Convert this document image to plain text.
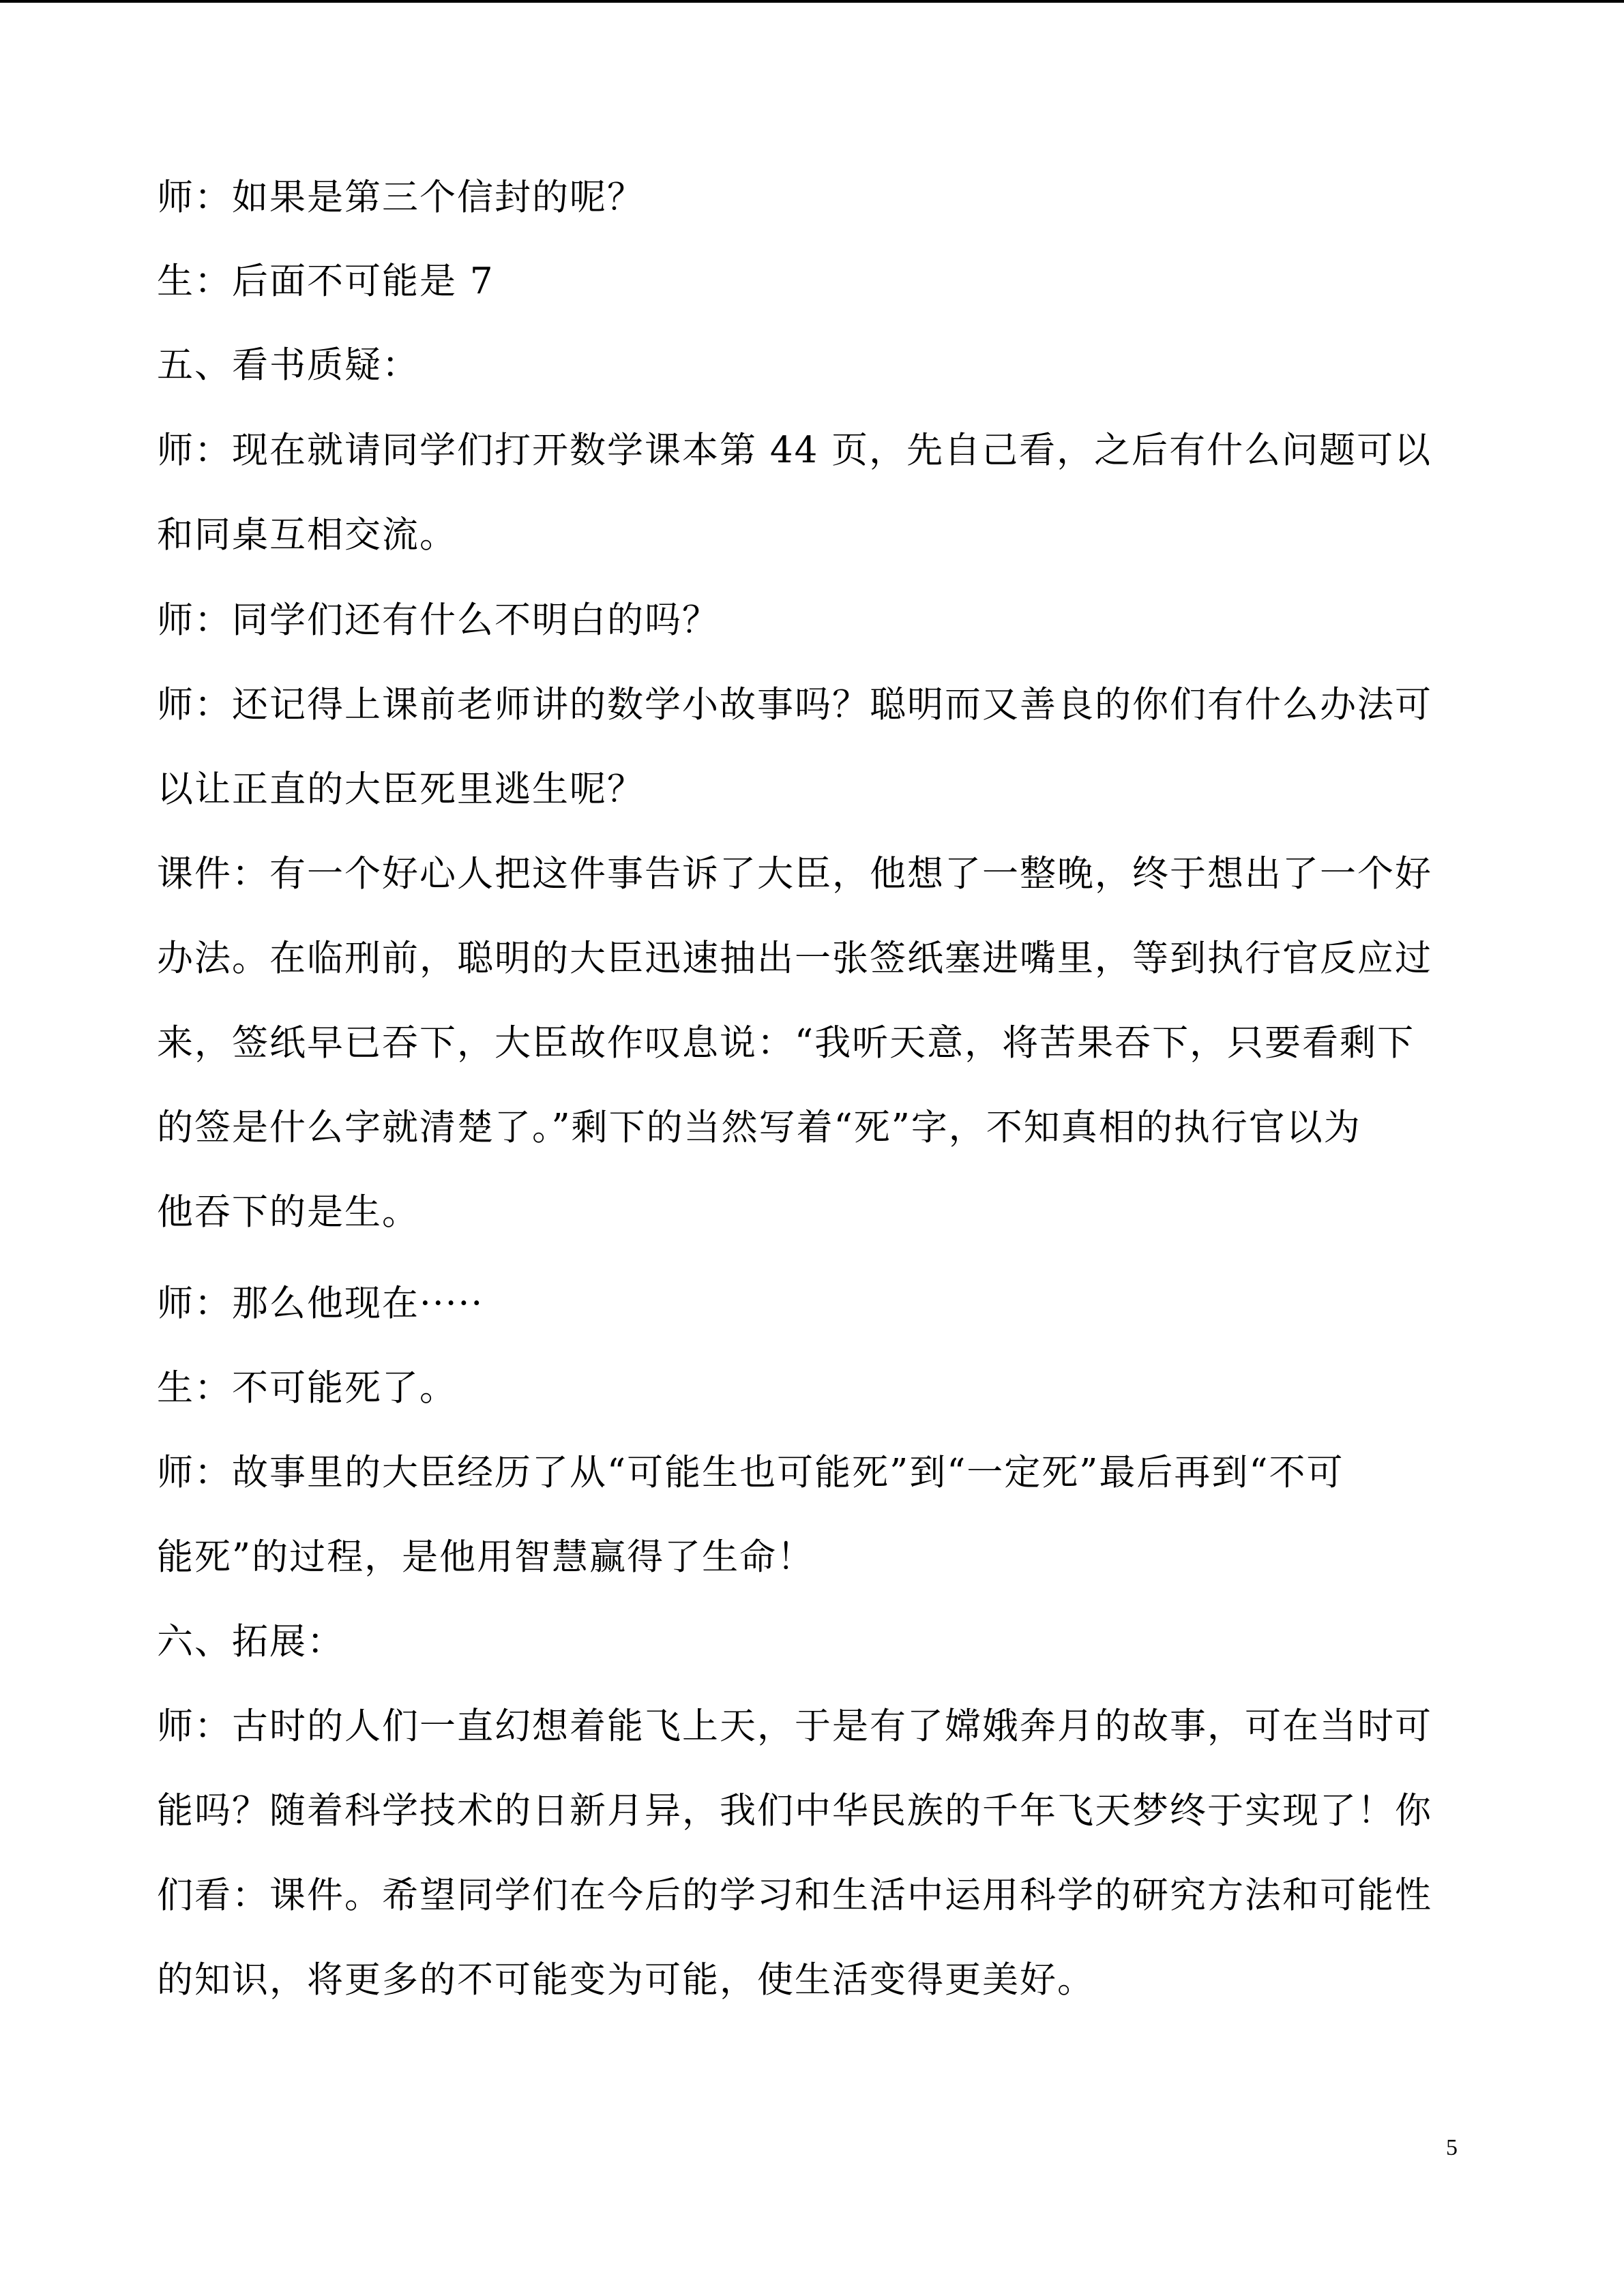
师：如果是第三个信封的呢？
生：后面不可能是 7
五、看书质疑：
师：现在就请同学们打开数学课本第 44 页，先自己看，之后有什么问题可以
和同桌互相交流。
师：同学们还有什么不明白的吗？
师：还记得上课前老师讲的数学小故事吗？聪明而又善良的你们有什么办法可
以让正直的大臣死里逃生呢？
课件：有一个好心人把这件事告诉了大臣，他想了一整晚，终于想出了一个好
办法。在临刑前，聪明的大臣迅速抽出一张签纸塞进嘴里，等到执行官反应过
来，签纸早已吞下，大臣故作叹息说：“我听天意，将苦果吞下，只要看剩下
的签是什么字就清楚了。”剩下的当然写着“死”字，不知真相的执行官以为
他吞下的是生。
师：那么他现在·····
生：不可能死了。
师：故事里的大臣经历了从“可能生也可能死”到“一定死”最后再到“不可
能死”的过程，是他用智慧赢得了生命！
六、拓展：
师：古时的人们一直幻想着能飞上天，于是有了嫦娥奔月的故事，可在当时可
能吗？随着科学技术的日新月异，我们中华民族的千年飞天梦终于实现了！你
们看：课件。希望同学们在今后的学习和生活中运用科学的研究方法和可能性
的知识，将更多的不可能变为可能，使生活变得更美好。
5
